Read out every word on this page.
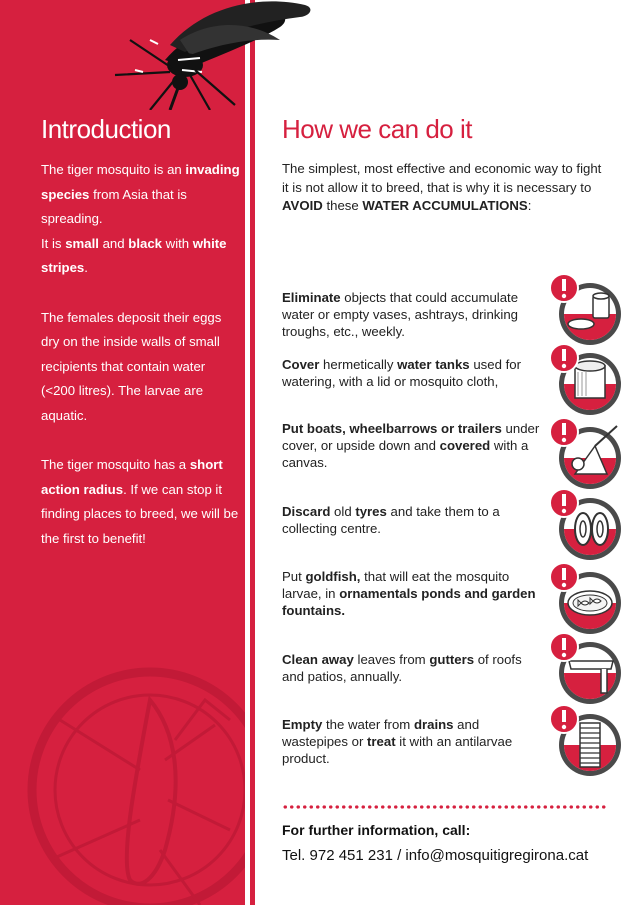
Introduction

The tiger mosquito is an invading species from Asia that is spreading.

It is small and black with white stripes.

The females deposit their eggs dry on the inside walls of small recipients that contain water (<200 litres). The larvae are aquatic.

The tiger mosquito has a short action radius. If we can stop it finding places to breed, we will be the first to benefit!

How we can do it
The simplest, most effective and economic way to fight it is not allow it to breed, that is why it is necessary to AVOID these WATER ACCUMULATIONS:
Eliminate objects that could accumulate water or empty vases, ashtrays, drinking troughs, etc., weekly.
Cover hermetically water tanks used for watering, with a lid or mosquito cloth,
Put boats, wheelbarrows or trailers under cover, or upside down and covered with a canvas.
Discard old tyres and take them to a collecting centre.
Put goldfish, that will eat the mosquito larvae, in ornamentals ponds and garden fountains.
Clean away leaves from gutters of roofs and patios, annually.
Empty the water from drains and wastepipes or treat it with an antilarvae product.

For further information, call:

Tel. 972 451 231 / info@mosquitigregirona.cat
